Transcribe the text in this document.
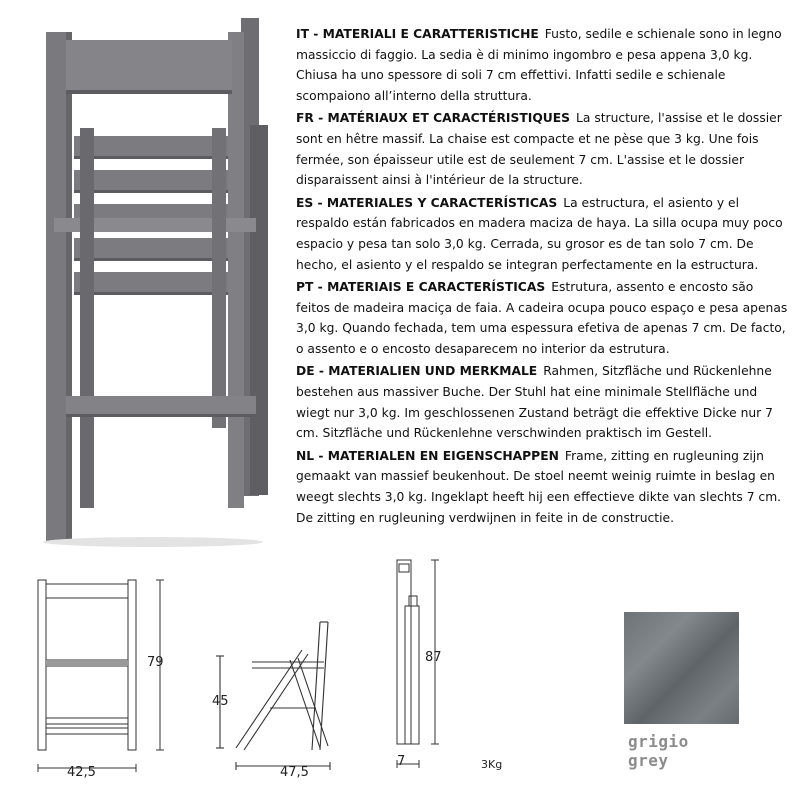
IT - MATERIALI E CARATTERISTICHE Fusto, sedile e schienale sono in legno massiccio di faggio. La sedia è di minimo ingombro e pesa appena 3,0 kg. Chiusa ha uno spessore di soli 7 cm effettivi. Infatti sedile e schienale scompaiono all’interno della struttura.

FR - MATÉRIAUX ET CARACTÉRISTIQUES La structure, l'assise et le dossier sont en hêtre massif. La chaise est compacte et ne pèse que 3 kg. Une fois fermée, son épaisseur utile est de seulement 7 cm. L'assise et le dossier disparaissent ainsi à l'intérieur de la structure.

ES - MATERIALES Y CARACTERÍSTICAS La estructura, el asiento y el respaldo están fabricados en madera maciza de haya. La silla ocupa muy poco espacio y pesa tan solo 3,0 kg. Cerrada, su grosor es de tan solo 7 cm. De hecho, el asiento y el respaldo se integran perfectamente en la estructura.

PT - MATERIAIS E CARACTERÍSTICAS Estrutura, assento e encosto são feitos de madeira maciça de faia. A cadeira ocupa pouco espaço e pesa apenas 3,0 kg. Quando fechada, tem uma espessura efetiva de apenas 7 cm. De facto, o assento e o encosto desaparecem no interior da estrutura.

DE - MATERIALIEN UND MERKMALE Rahmen, Sitzfläche und Rückenlehne bestehen aus massiver Buche. Der Stuhl hat eine minimale Stellfläche und wiegt nur 3,0 kg. Im geschlossenen Zustand beträgt die effektive Dicke nur 7 cm. Sitzfläche und Rückenlehne verschwinden praktisch im Gestell.

NL - MATERIALEN EN EIGENSCHAPPEN Frame, zitting en rugleuning zijn gemaakt van massief beukenhout. De stoel neemt weinig ruimte in beslag en weegt slechts 3,0 kg. Ingeklapt heeft hij een effectieve dikte van slechts 7 cm. De zitting en rugleuning verdwijnen in feite in de constructie.

79
42,5
45
47,5
87
7	3Kg
grigio
grey
